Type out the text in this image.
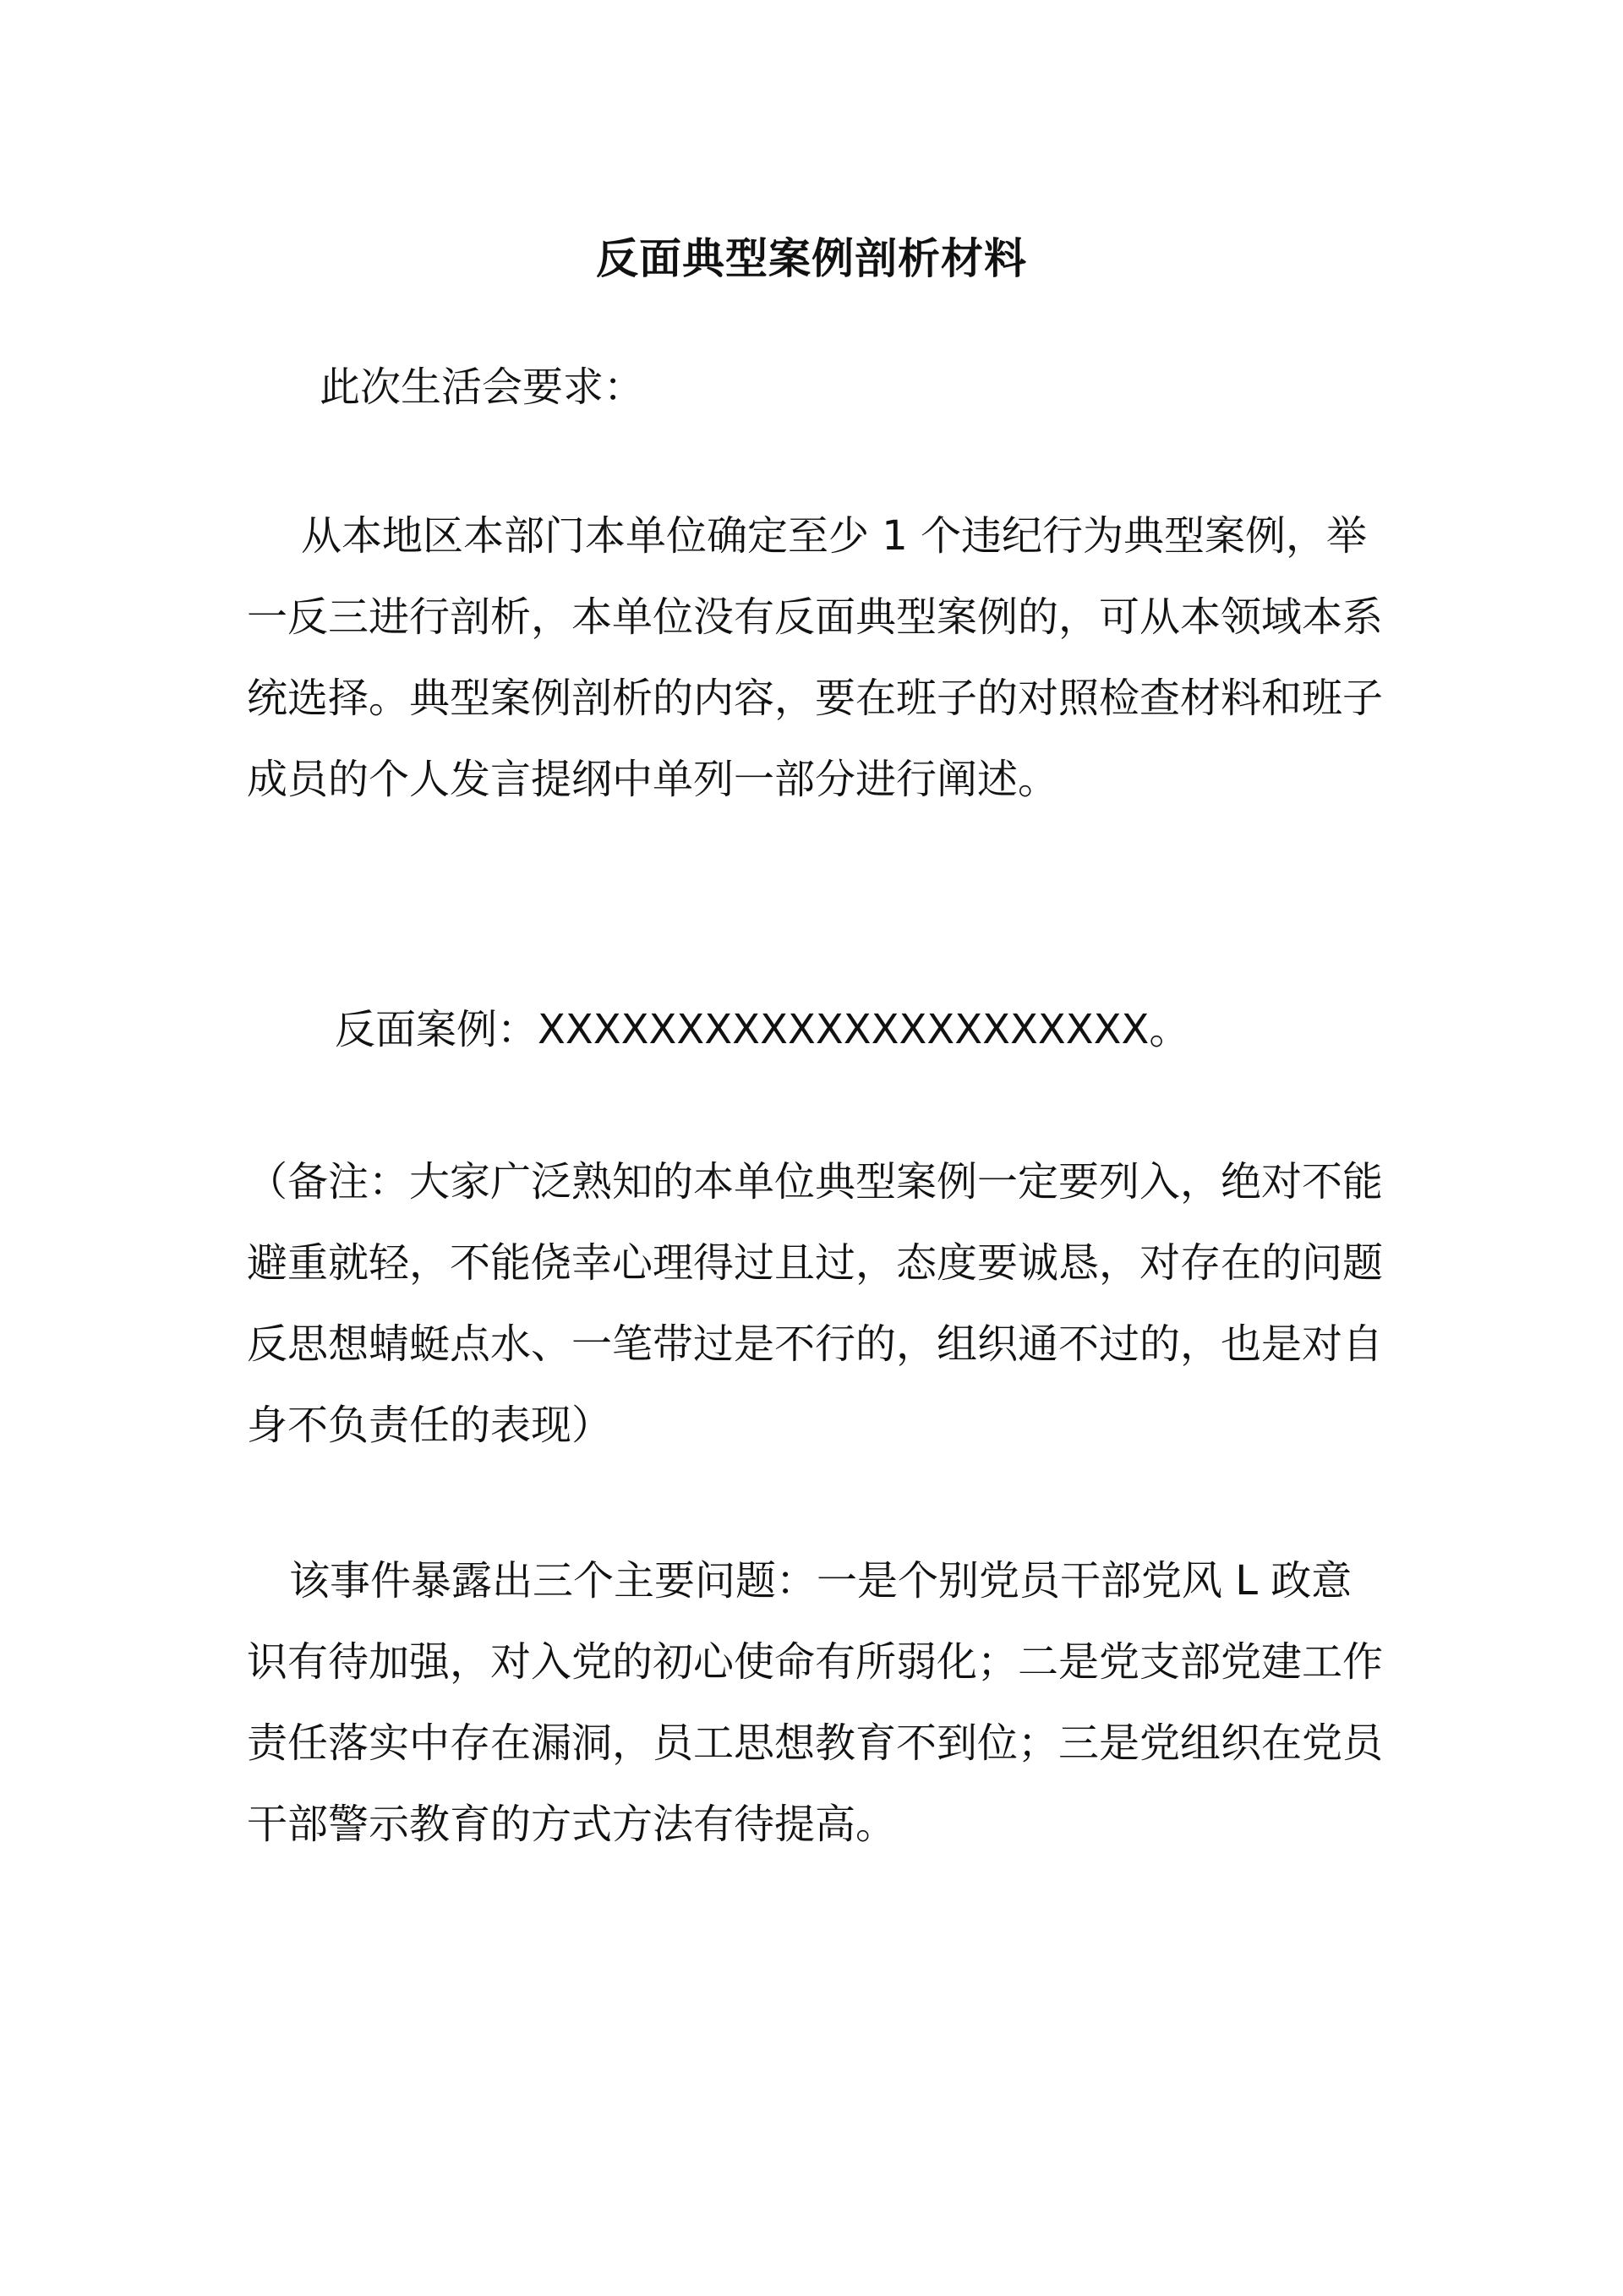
反面典型案例剖析材料

此次生活会要求：

从本地区本部门本单位确定至少 1 个违纪行为典型案例，举一反三进行剖析，本单位没有反面典型案例的，可从本领域本系统选择。典型案例剖析的内容，要在班子的对照检查材料和班子成员的个人发言提纲中单列一部分进行阐述。

反面案例：XXXXXXXXXXXXXXXXXXXXXX。

（备注：大家广泛熟知的本单位典型案例一定要列入，绝对不能避重就轻，不能侥幸心理得过且过，态度要诚恳，对存在的问题反思想蜻蜓点水、一笔带过是不行的，组织通不过的，也是对自身不负责任的表现）

该事件暴露出三个主要问题：一是个别党员干部党风 L 政意识有待加强，对入党的初心使命有所弱化；二是党支部党建工作责任落实中存在漏洞，员工思想教育不到位；三是党组织在党员干部警示教育的方式方法有待提高。
